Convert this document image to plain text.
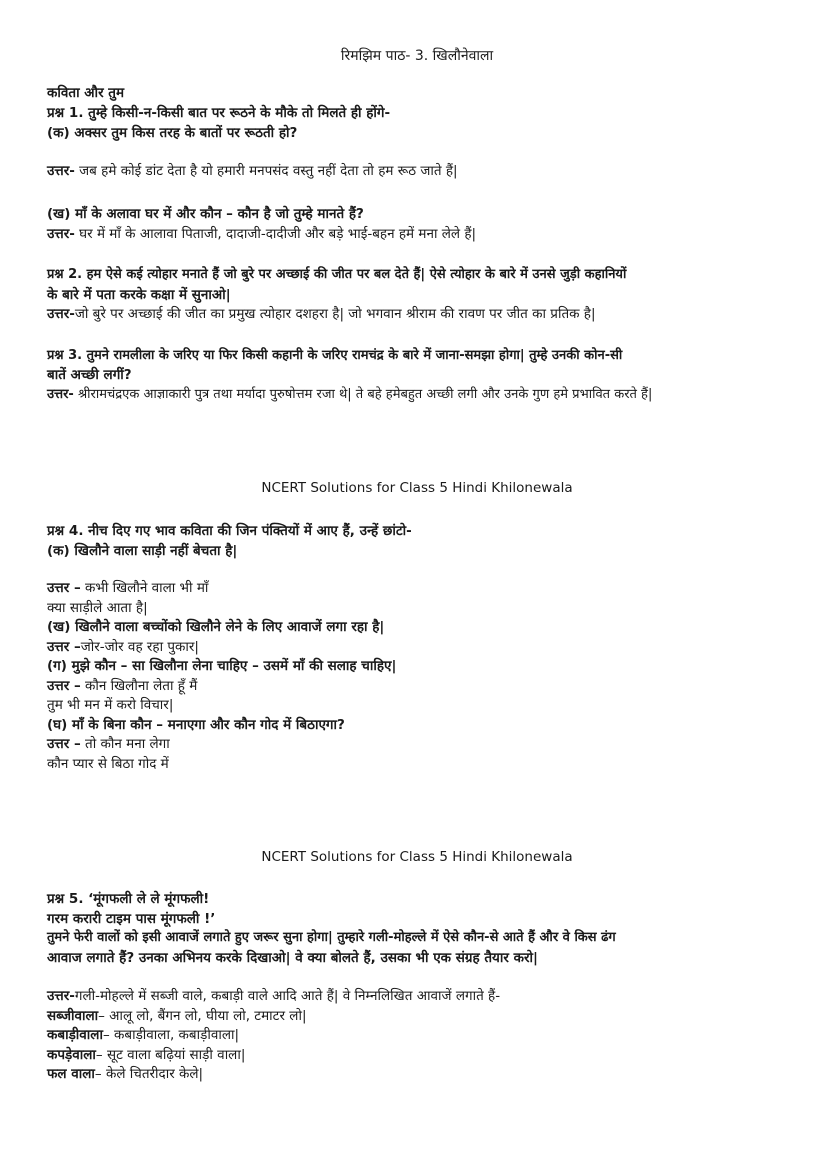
रिमझिम पाठ- 3. खिलौनेवाला
कविता और तुम
प्रश्न 1. तुम्हे किसी-न-किसी बात पर रूठने के मौके तो मिलते ही होंगे-
(क) अक्सर तुम किस तरह के बातों पर रूठती हो?
उत्तर- जब हमे कोई डांट देता है यो हमारी मनपसंद वस्तु नहीं देता तो हम रूठ जाते हैं|
(ख) माँ के अलावा घर में और कौन – कौन है जो तुम्हे मानते हैं?
उत्तर- घर में माँ के आलावा पिताजी, दादाजी-दादीजी और बड़े भाई-बहन हमें मना लेले हैं|
प्रश्न 2. हम ऐसे कई त्योहार मनाते हैं जो बुरे पर अच्छाई की जीत पर बल देते हैं| ऐसे त्योहार के बारे में उनसे जुड़ी कहानियों
के बारे में पता करके कक्षा में सुनाओ|
उत्तर-जो बुरे पर अच्छाई की जीत का प्रमुख त्योहार दशहरा है| जो भगवान श्रीराम की रावण पर जीत का प्रतिक है|
प्रश्न 3. तुमने रामलीला के जरिए या फिर किसी कहानी के जरिए रामचंद्र के बारे में जाना-समझा होगा| तुम्हे उनकी कोन-सी
बातें अच्छी लगीं?
उत्तर- श्रीरामचंद्रएक आज्ञाकारी पुत्र तथा मर्यादा पुरुषोत्तम रजा थे| ते बहे हमेबहुत अच्छी लगी और उनके गुण हमे प्रभावित करते हैं|
NCERT Solutions for Class 5 Hindi Khilonewala
प्रश्न 4. नीच दिए गए भाव कविता की जिन पंक्तियों में आए हैं, उन्हें छांटो-
(क) खिलौने वाला साड़ी नहीं बेचता है|
उत्तर – कभी खिलौने वाला भी माँ
क्या साड़ीले आता है|
(ख) खिलौने वाला बच्चोंको खिलौने लेने के लिए आवाजें लगा रहा है|
उत्तर –जोर-जोर वह रहा पुकार|
(ग) मुझे कौन – सा खिलौना लेना चाहिए – उसमें माँ की सलाह चाहिए|
उत्तर – कौन खिलौना लेता हूँ मैं
तुम भी मन में करो विचार|
(घ) माँ के बिना कौन – मनाएगा और कौन गोद में बिठाएगा?
उत्तर – तो कौन मना लेगा
कौन प्यार से बिठा गोद में
NCERT Solutions for Class 5 Hindi Khilonewala
प्रश्न 5. ‘मूंगफली ले ले मूंगफली!
गरम करारी टाइम पास मूंगफली !’
तुमने फेरी वालों को इसी आवाजें लगाते हुए जरूर सुना होगा| तुम्हारे गली-मोहल्ले में ऐसे कौन-से आते हैं और वे किस ढंग
आवाज लगाते हैं? उनका अभिनय करके दिखाओ| वे क्या बोलते हैं, उसका भी एक संग्रह तैयार करो|
उत्तर-गली-मोहल्ले में सब्जी वाले, कबाड़ी वाले आदि आते हैं| वे निम्नलिखित आवाजें लगाते हैं-
सब्जीवाला– आलू लो, बैंगन लो, घीया लो, टमाटर लो|
कबाड़ीवाला– कबाड़ीवाला, कबाड़ीवाला|
कपड़ेवाला– सूट वाला बढ़ियां साड़ी वाला|
फल वाला– केले चितरीदार केले|
